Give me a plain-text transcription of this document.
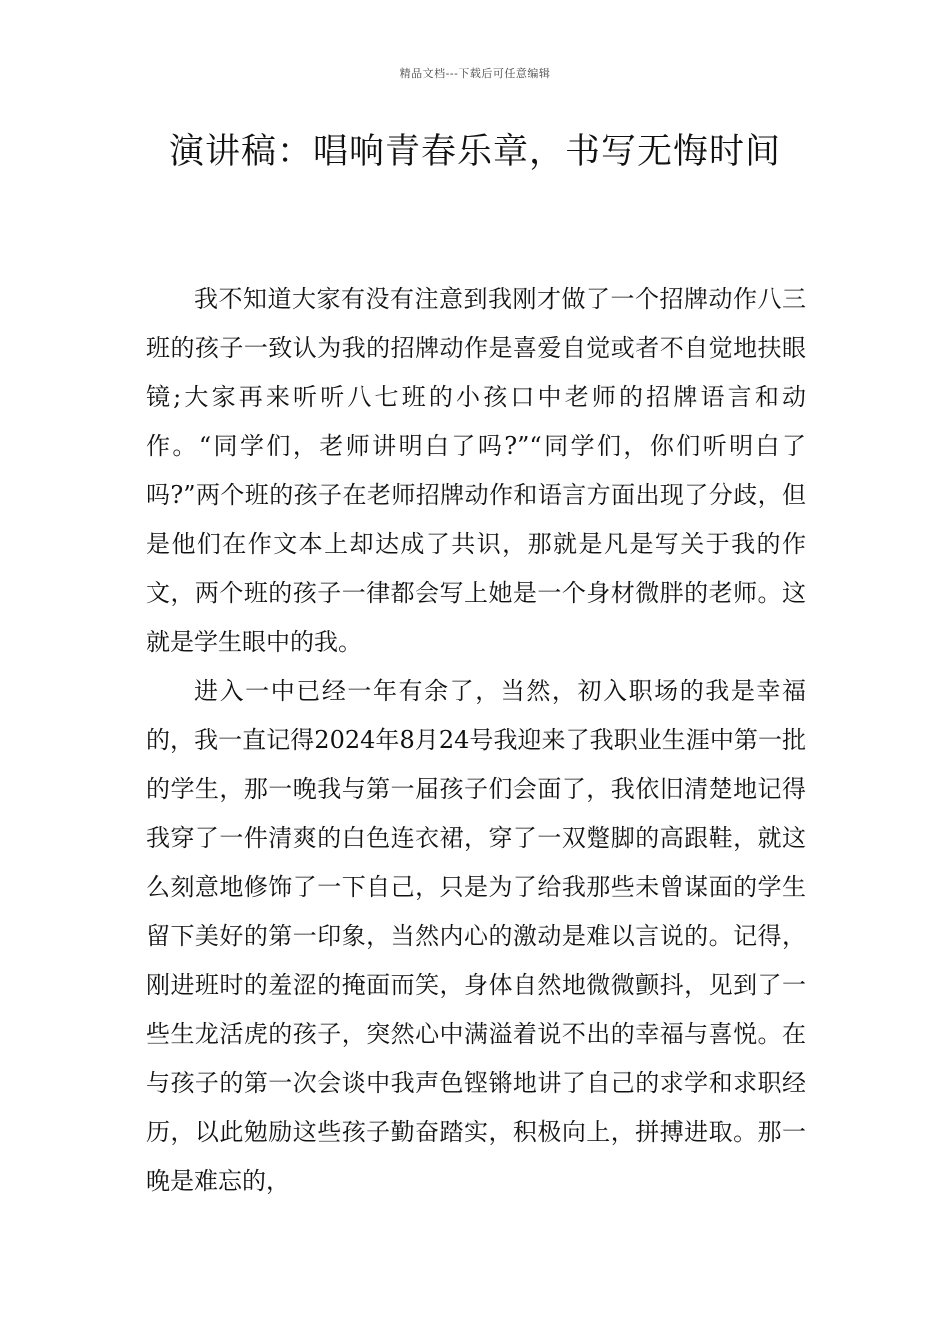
精品文档---下载后可任意编辑
演讲稿：唱响青春乐章，书写无悔时间

我不知道大家有没有注意到我刚才做了一个招牌动作八三班的孩子一致认为我的招牌动作是喜爱自觉或者不自觉地扶眼镜;大家再来听听八七班的小孩口中老师的招牌语言和动作。“同学们，老师讲明白了吗?”“同学们，你们听明白了吗?”两个班的孩子在老师招牌动作和语言方面出现了分歧，但是他们在作文本上却达成了共识，那就是凡是写关于我的作文，两个班的孩子一律都会写上她是一个身材微胖的老师。这就是学生眼中的我。

进入一中已经一年有余了，当然，初入职场的我是幸福的，我一直记得2024年8月24号我迎来了我职业生涯中第一批的学生，那一晚我与第一届孩子们会面了，我依旧清楚地记得我穿了一件清爽的白色连衣裙，穿了一双蹩脚的高跟鞋，就这么刻意地修饰了一下自己，只是为了给我那些未曾谋面的学生留下美好的第一印象，当然内心的激动是难以言说的。记得，刚进班时的羞涩的掩面而笑，身体自然地微微颤抖，见到了一些生龙活虎的孩子，突然心中满溢着说不出的幸福与喜悦。在与孩子的第一次会谈中我声色铿锵地讲了自己的求学和求职经历，以此勉励这些孩子勤奋踏实，积极向上，拼搏进取。那一晚是难忘的，
